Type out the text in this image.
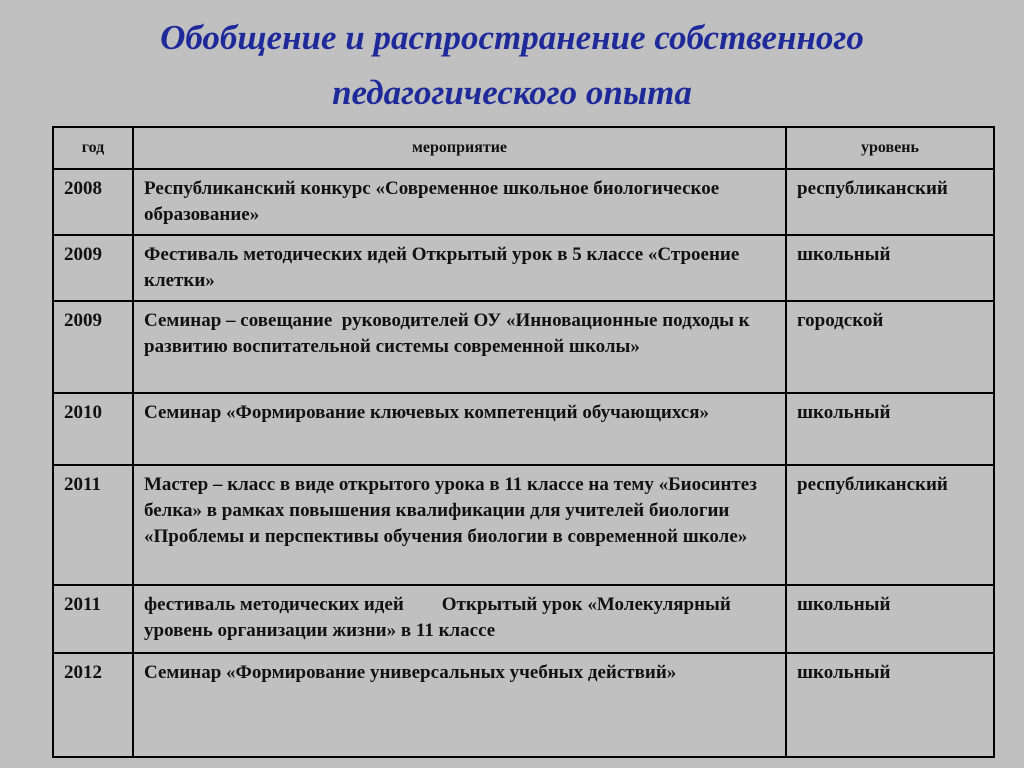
Обобщение и распространение собственного
педагогического опыта
год	мероприятие	уровень
2008	Республиканский конкурс «Современное школьное биологическое образование»	республиканский
2009	Фестиваль методических идей Открытый урок в 5 классе «Строение клетки»	школьный
2009	Семинар – совещание  руководителей ОУ «Инновационные подходы к развитию воспитательной системы современной школы»	городской
2010	Семинар «Формирование ключевых компетенций обучающихся»	школьный
2011	Мастер – класс в виде открытого урока в 11 классе на тему «Биосинтез белка» в рамках повышения квалификации для учителей биологии «Проблемы и перспективы обучения биологии в современной школе»	республиканский
2011	фестиваль методических идей        Открытый урок «Молекулярный уровень организации жизни» в 11 классе	школьный
2012	Семинар «Формирование универсальных учебных действий»	школьный
